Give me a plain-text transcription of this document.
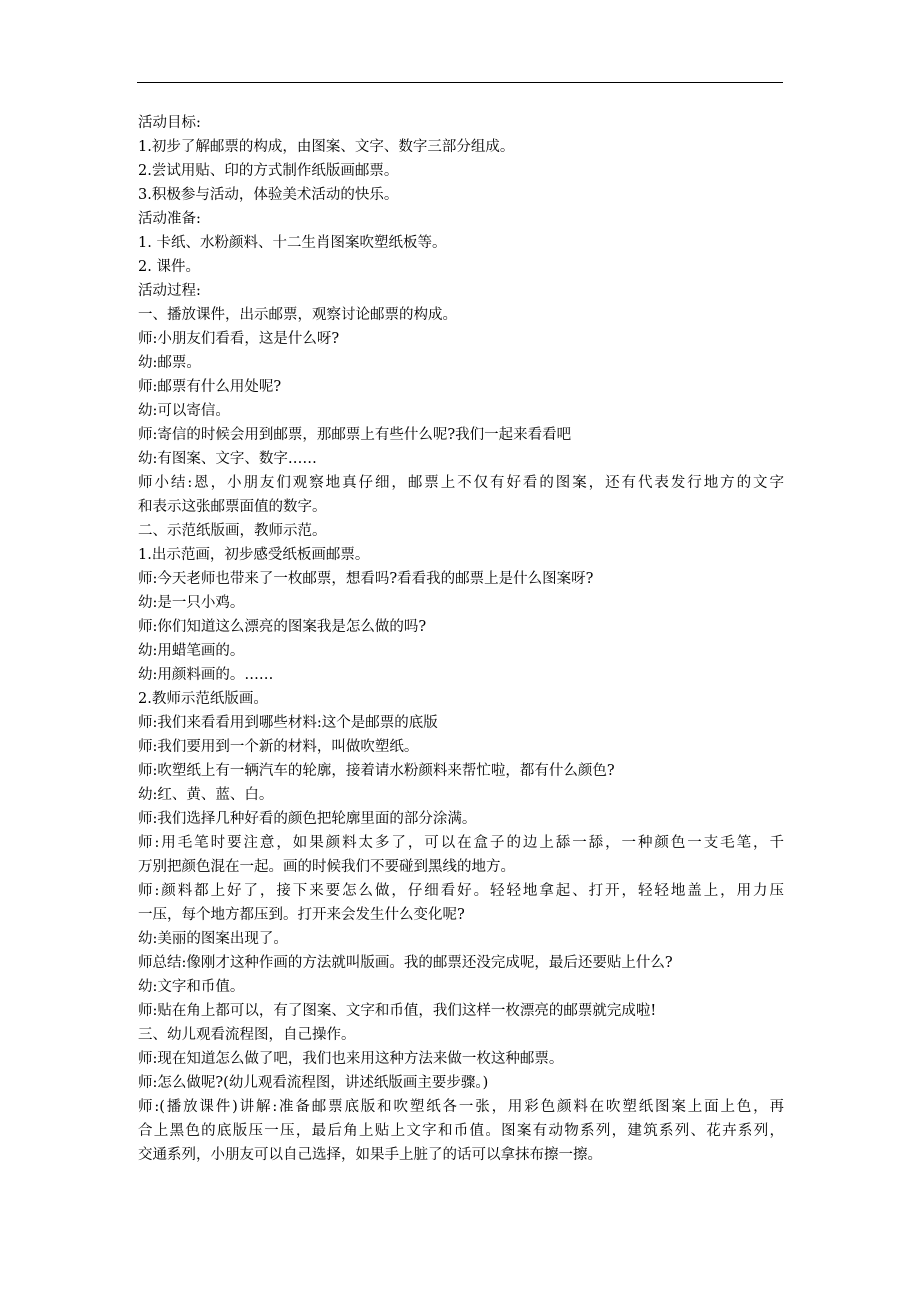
活动目标:

1.初步了解邮票的构成，由图案、文字、数字三部分组成。

2.尝试用贴、印的方式制作纸版画邮票。

3.积极参与活动，体验美术活动的快乐。

活动准备:

1. 卡纸、水粉颜料、十二生肖图案吹塑纸板等。

2. 课件。

活动过程:

一、播放课件，出示邮票，观察讨论邮票的构成。

师:小朋友们看看，这是什么呀?

幼:邮票。

师:邮票有什么用处呢?

幼:可以寄信。

师:寄信的时候会用到邮票，那邮票上有些什么呢?我们一起来看看吧

幼:有图案、文字、数字……

师小结:恩，小朋友们观察地真仔细，邮票上不仅有好看的图案，还有代表发行地方的文字

和表示这张邮票面值的数字。

二、示范纸版画，教师示范。

1.出示范画，初步感受纸板画邮票。

师:今天老师也带来了一枚邮票，想看吗?看看我的邮票上是什么图案呀?

幼:是一只小鸡。

师:你们知道这么漂亮的图案我是怎么做的吗?

幼:用蜡笔画的。

幼:用颜料画的。……

2.教师示范纸版画。

师:我们来看看用到哪些材料:这个是邮票的底版

师:我们要用到一个新的材料，叫做吹塑纸。

师:吹塑纸上有一辆汽车的轮廓，接着请水粉颜料来帮忙啦，都有什么颜色?

幼:红、黄、蓝、白。

师:我们选择几种好看的颜色把轮廓里面的部分涂满。

师:用毛笔时要注意，如果颜料太多了，可以在盒子的边上舔一舔，一种颜色一支毛笔，千

万别把颜色混在一起。画的时候我们不要碰到黑线的地方。

师:颜料都上好了，接下来要怎么做，仔细看好。轻轻地拿起、打开，轻轻地盖上，用力压

一压，每个地方都压到。打开来会发生什么变化呢?

幼:美丽的图案出现了。

师总结:像刚才这种作画的方法就叫版画。我的邮票还没完成呢，最后还要贴上什么?

幼:文字和币值。

师:贴在角上都可以，有了图案、文字和币值，我们这样一枚漂亮的邮票就完成啦!

三、幼儿观看流程图，自己操作。

师:现在知道怎么做了吧，我们也来用这种方法来做一枚这种邮票。

师:怎么做呢?(幼儿观看流程图，讲述纸版画主要步骤。)

师:(播放课件)讲解:准备邮票底版和吹塑纸各一张，用彩色颜料在吹塑纸图案上面上色，再

合上黑色的底版压一压，最后角上贴上文字和币值。图案有动物系列，建筑系列、花卉系列，

交通系列，小朋友可以自己选择，如果手上脏了的话可以拿抹布擦一擦。
